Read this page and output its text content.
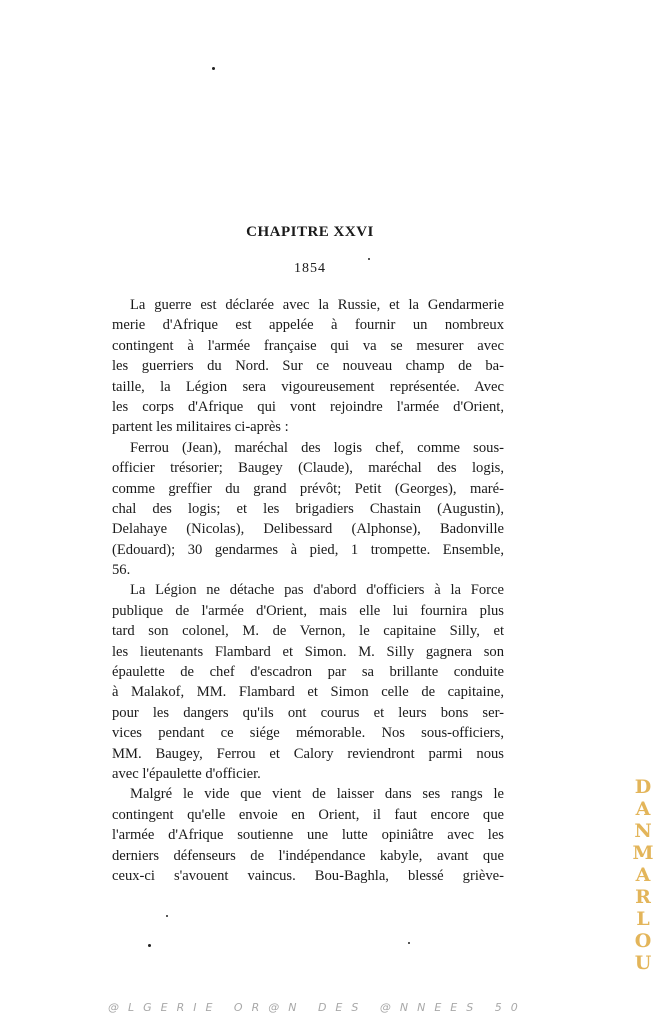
CHAPITRE XXVI
1854
La guerre est déclarée avec la Russie, et la Gendarmerie
merie d'Afrique est appelée à fournir un nombreux
contingent à l'armée française qui va se mesurer avec
les guerriers du Nord. Sur ce nouveau champ de ba-
taille, la Légion sera vigoureusement représentée. Avec
les corps d'Afrique qui vont rejoindre l'armée d'Orient,
partent les militaires ci-après :
Ferrou (Jean), maréchal des logis chef, comme sous-
officier trésorier; Baugey (Claude), maréchal des logis,
comme greffier du grand prévôt; Petit (Georges), maré-
chal des logis; et les brigadiers Chastain (Augustin),
Delahaye (Nicolas), Delibessard (Alphonse), Badonville
(Edouard); 30 gendarmes à pied, 1 trompette. Ensemble,
56.
La Légion ne détache pas d'abord d'officiers à la Force
publique de l'armée d'Orient, mais elle lui fournira plus
tard son colonel, M. de Vernon, le capitaine Silly, et
les lieutenants Flambard et Simon. M. Silly gagnera son
épaulette de chef d'escadron par sa brillante conduite
à Malakof, MM. Flambard et Simon celle de capitaine,
pour les dangers qu'ils ont courus et leurs bons ser-
vices pendant ce siége mémorable. Nos sous-officiers,
MM. Baugey, Ferrou et Calory reviendront parmi nous
avec l'épaulette d'officier.
Malgré le vide que vient de laisser dans ses rangs le
contingent qu'elle envoie en Orient, il faut encore que
l'armée d'Afrique soutienne une lutte opiniâtre avec les
derniers défenseurs de l'indépendance kabyle, avant que
ceux-ci s'avouent vaincus. Bou-Baghla, blessé griève-
DANMARLOU
@LGERIE OR@N DES @NNEES 50
